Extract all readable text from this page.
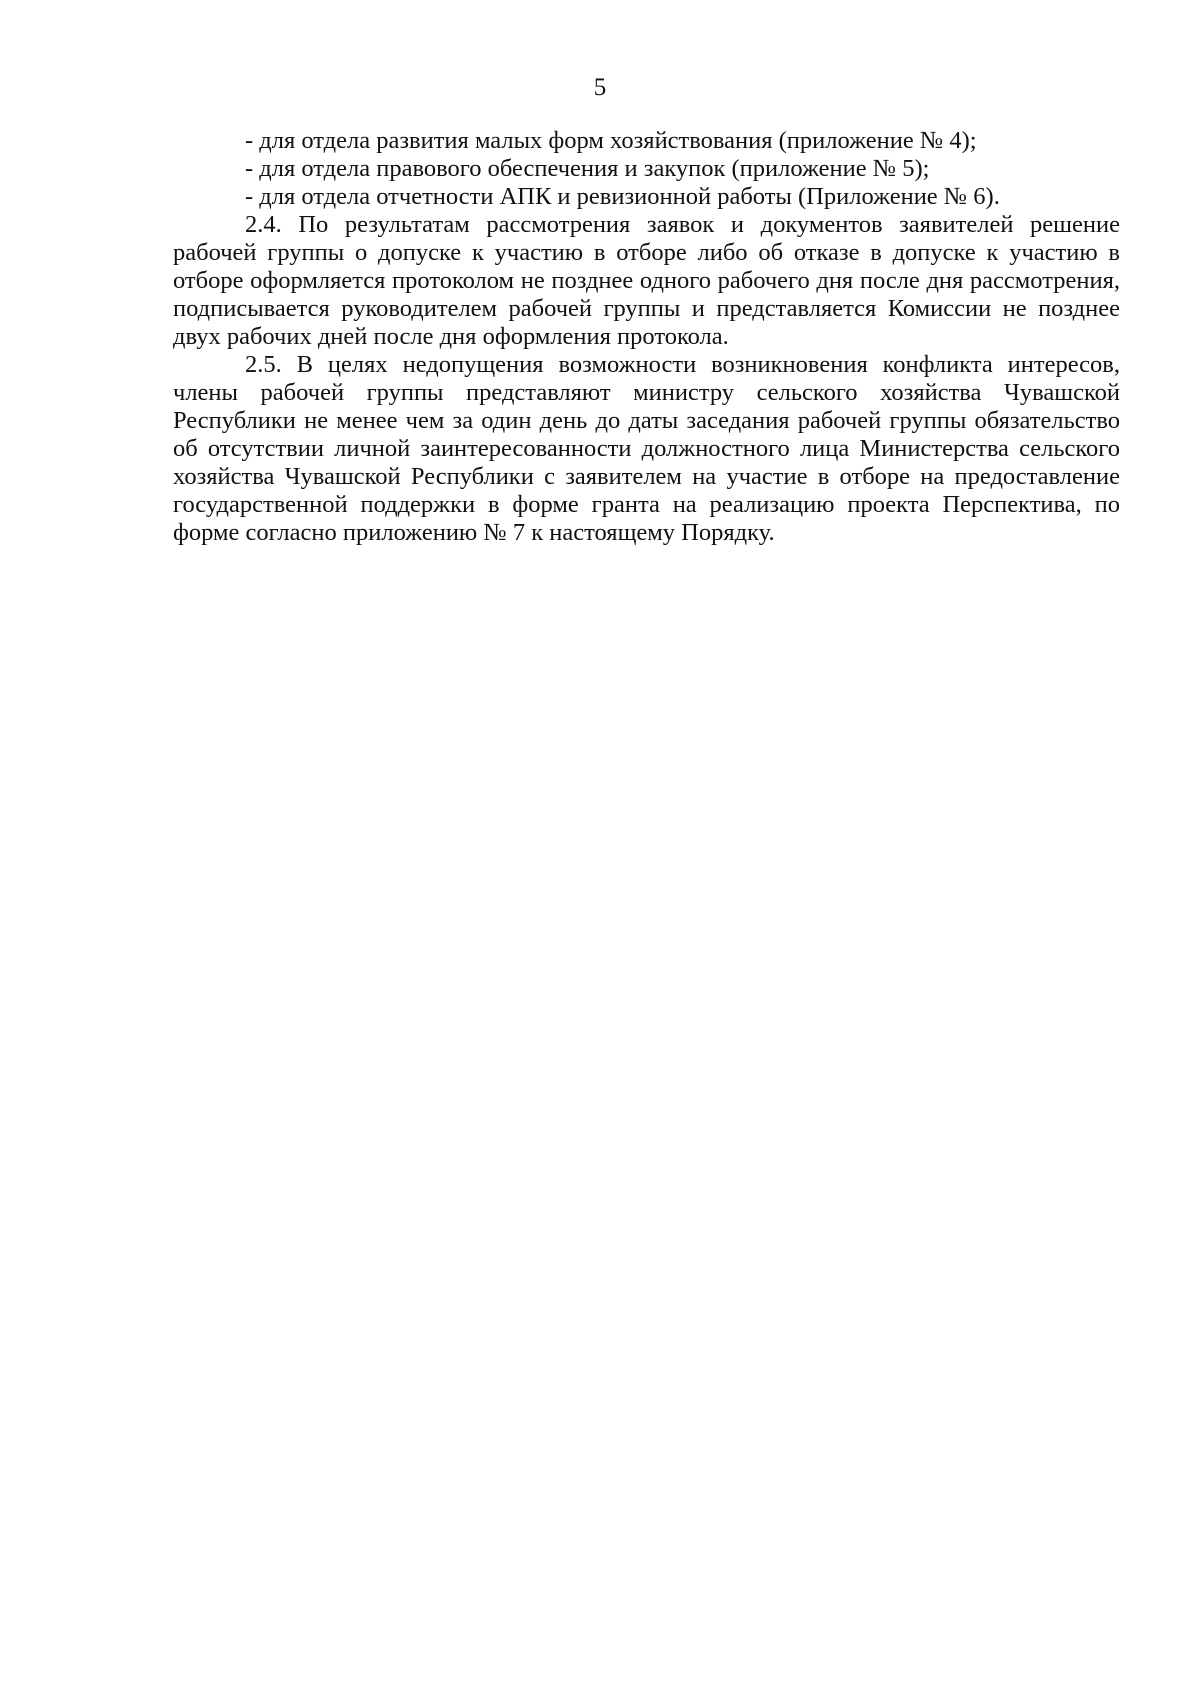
5

- для отдела развития малых форм хозяйствования (приложение № 4);

- для отдела правового обеспечения и закупок (приложение № 5);

- для отдела отчетности АПК и ревизионной работы (Приложение № 6).

2.4. По результатам рассмотрения заявок и документов заявителей решение рабочей группы о допуске к участию в отборе либо об отказе в допуске к участию в отборе оформляется протоколом не позднее одного рабочего дня после дня рассмотрения, подписывается руководителем рабочей группы и представляется Комиссии не позднее двух рабочих дней после дня оформления протокола.

2.5. В целях недопущения возможности возникновения конфликта интересов, члены рабочей группы представляют министру сельского хозяйства Чувашской Республики не менее чем за один день до даты заседания рабочей группы обязательство об отсутствии личной заинтересованности должностного лица Министерства сельского хозяйства Чувашской Республики с заявителем на участие в отборе на предоставление государственной поддержки в форме гранта на реализацию проекта Перспектива, по форме согласно приложению № 7 к настоящему Порядку.
